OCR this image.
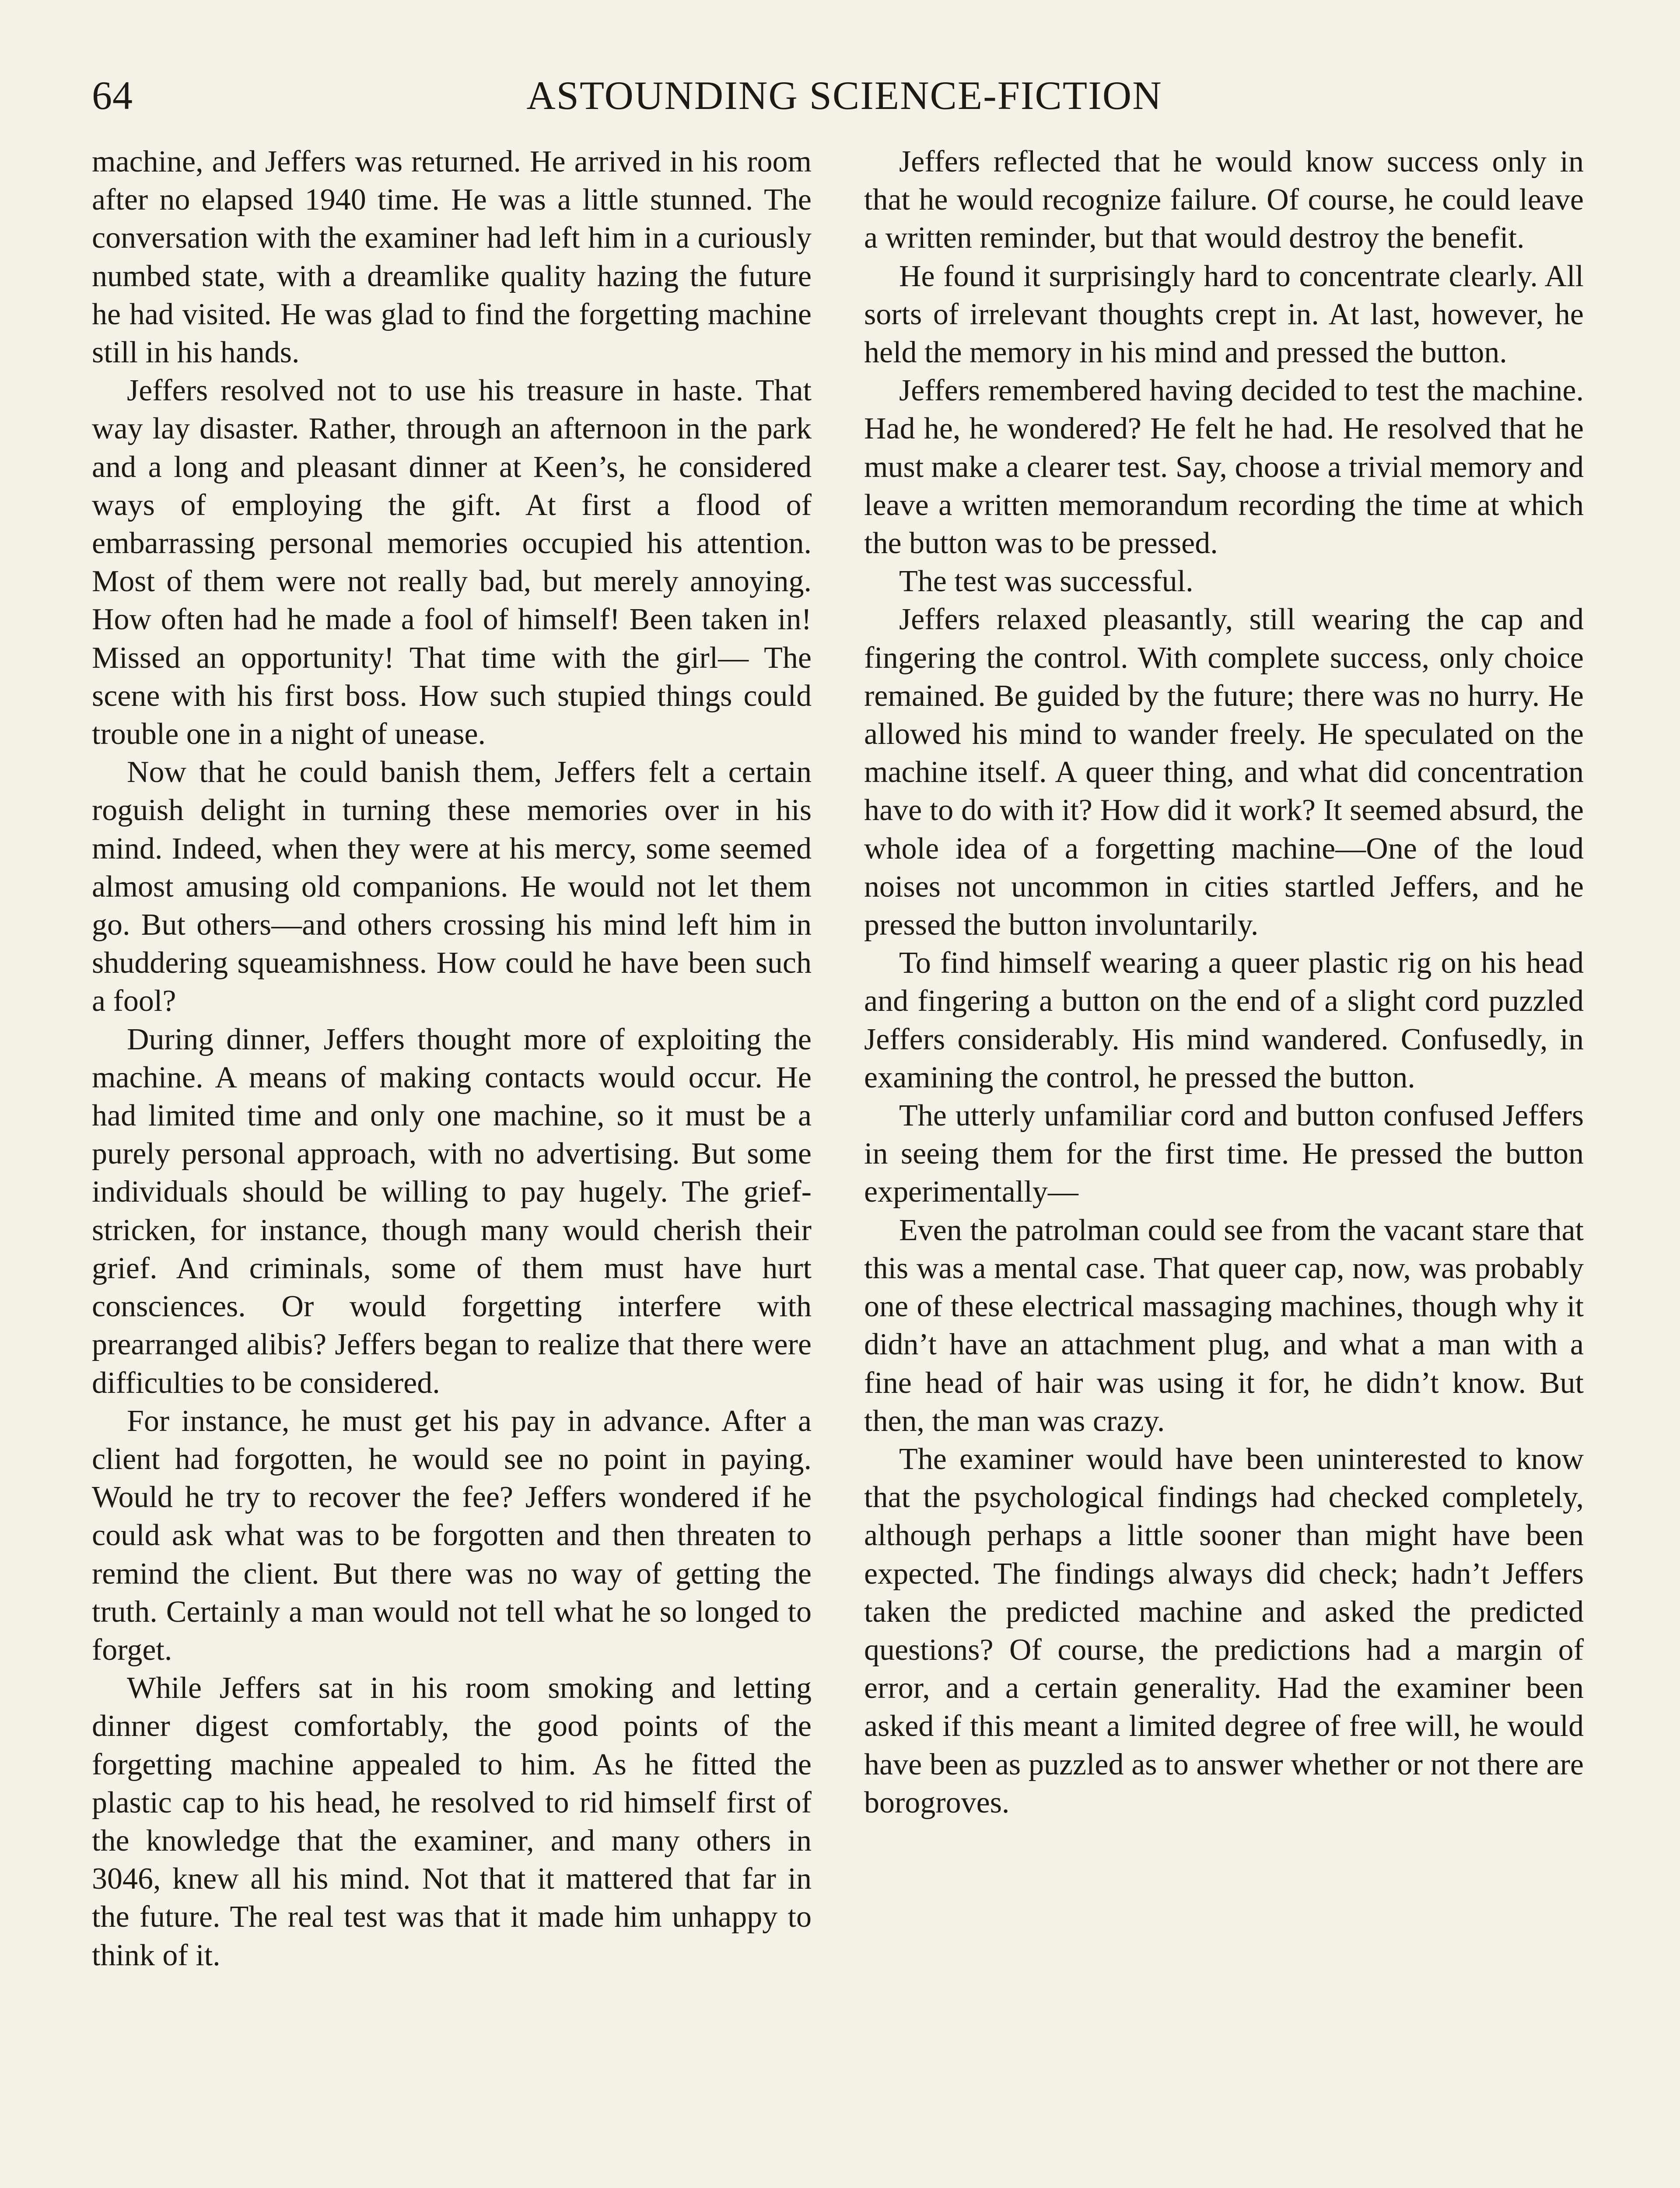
64	ASTOUNDING SCIENCE-FICTION

machine, and Jeffers was returned. He arrived in his room after no elapsed 1940 time. He was a little stunned. The conversation with the examiner had left him in a curiously numbed state, with a dreamlike quality hazing the future he had visited. He was glad to find the forgetting machine still in his hands.

Jeffers resolved not to use his treasure in haste. That way lay disaster. Rather, through an afternoon in the park and a long and pleasant dinner at Keen’s, he considered ways of employing the gift. At first a flood of embarrassing personal memories occupied his attention. Most of them were not really bad, but merely annoying. How often had he made a fool of himself! Been taken in! Missed an opportunity! That time with the girl— The scene with his first boss. How such stupied things could trouble one in a night of unease.

Now that he could banish them, Jeffers felt a certain roguish delight in turning these memories over in his mind. Indeed, when they were at his mercy, some seemed almost amusing old companions. He would not let them go. But others—and others crossing his mind left him in shuddering squeamishness. How could he have been such a fool?

During dinner, Jeffers thought more of exploiting the machine. A means of making contacts would occur. He had limited time and only one machine, so it must be a purely personal approach, with no advertising. But some individuals should be willing to pay hugely. The grief-stricken, for instance, though many would cherish their grief. And criminals, some of them must have hurt consciences. Or would forgetting interfere with prearranged alibis? Jeffers began to realize that there were difficulties to be considered.

For instance, he must get his pay in advance. After a client had forgotten, he would see no point in paying. Would he try to recover the fee? Jeffers wondered if he could ask what was to be forgotten and then threaten to remind the client. But there was no way of getting the truth. Certainly a man would not tell what he so longed to forget.

While Jeffers sat in his room smoking and letting dinner digest comfortably, the good points of the forgetting machine appealed to him. As he fitted the plastic cap to his head, he resolved to rid himself first of the knowledge that the examiner, and many others in 3046, knew all his mind. Not that it mattered that far in the future. The real test was that it made him unhappy to think of it.

Jeffers reflected that he would know success only in that he would recognize failure. Of course, he could leave a written reminder, but that would destroy the benefit.

He found it surprisingly hard to concentrate clearly. All sorts of irrelevant thoughts crept in. At last, however, he held the memory in his mind and pressed the button.

Jeffers remembered having decided to test the machine. Had he, he wondered? He felt he had. He resolved that he must make a clearer test. Say, choose a trivial memory and leave a written memorandum recording the time at which the button was to be pressed.

The test was successful.

Jeffers relaxed pleasantly, still wearing the cap and fingering the control. With complete success, only choice remained. Be guided by the future; there was no hurry. He allowed his mind to wander freely. He speculated on the machine itself. A queer thing, and what did concentration have to do with it? How did it work? It seemed absurd, the whole idea of a forgetting machine—One of the loud noises not uncommon in cities startled Jeffers, and he pressed the button involuntarily.

To find himself wearing a queer plastic rig on his head and fingering a button on the end of a slight cord puzzled Jeffers considerably. His mind wandered. Confusedly, in examining the control, he pressed the button.

The utterly unfamiliar cord and button confused Jeffers in seeing them for the first time. He pressed the button experimentally—

Even the patrolman could see from the vacant stare that this was a mental case. That queer cap, now, was probably one of these electrical massaging machines, though why it didn’t have an attachment plug, and what a man with a fine head of hair was using it for, he didn’t know. But then, the man was crazy.

The examiner would have been uninterested to know that the psychological findings had checked completely, although perhaps a little sooner than might have been expected. The findings always did check; hadn’t Jeffers taken the predicted machine and asked the predicted questions? Of course, the predictions had a margin of error, and a certain generality. Had the examiner been asked if this meant a limited degree of free will, he would have been as puzzled as to answer whether or not there are borogroves.
